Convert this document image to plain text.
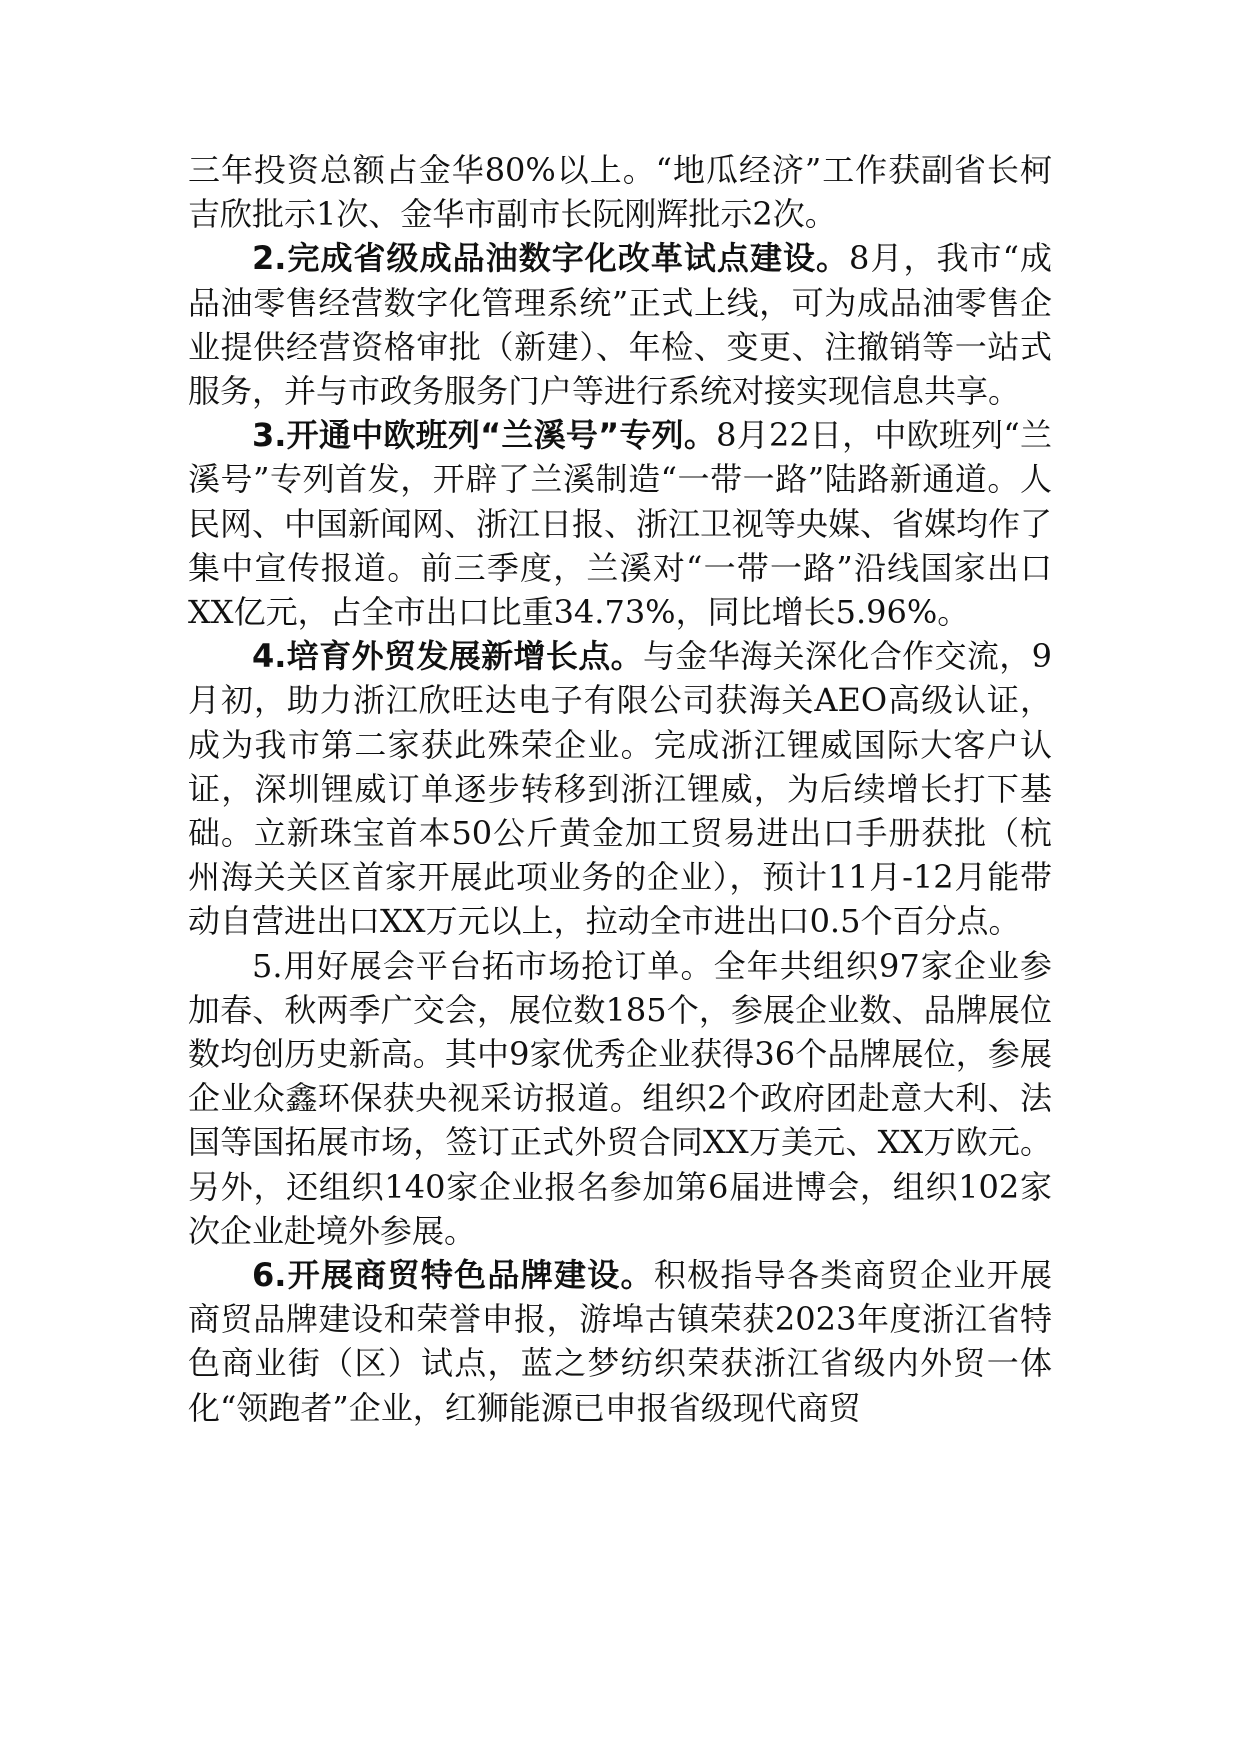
三年投资总额占金华80%以上。“地瓜经济”工作获副省长柯吉欣批示1次、金华市副市长阮刚辉批示2次。

2.完成省级成品油数字化改革试点建设。8月，我市“成品油零售经营数字化管理系统”正式上线，可为成品油零售企业提供经营资格审批（新建）、年检、变更、注撤销等一站式服务，并与市政务服务门户等进行系统对接实现信息共享。

3.开通中欧班列“兰溪号”专列。8月22日，中欧班列“兰溪号”专列首发，开辟了兰溪制造“一带一路”陆路新通道。人民网、中国新闻网、浙江日报、浙江卫视等央媒、省媒均作了集中宣传报道。前三季度，兰溪对“一带一路”沿线国家出口XX亿元，占全市出口比重34.73%，同比增长5.96%。

4.培育外贸发展新增长点。与金华海关深化合作交流，9月初，助力浙江欣旺达电子有限公司获海关AEO高级认证，成为我市第二家获此殊荣企业。完成浙江锂威国际大客户认证，深圳锂威订单逐步转移到浙江锂威，为后续增长打下基础。立新珠宝首本50公斤黄金加工贸易进出口手册获批（杭州海关关区首家开展此项业务的企业），预计11月-12月能带动自营进出口XX万元以上，拉动全市进出口0.5个百分点。

5.用好展会平台拓市场抢订单。全年共组织97家企业参加春、秋两季广交会，展位数185个，参展企业数、品牌展位数均创历史新高。其中9家优秀企业获得36个品牌展位，参展企业众鑫环保获央视采访报道。组织2个政府团赴意大利、法国等国拓展市场，签订正式外贸合同XX万美元、XX万欧元。另外，还组织140家企业报名参加第6届进博会，组织102家次企业赴境外参展。

6.开展商贸特色品牌建设。积极指导各类商贸企业开展商贸品牌建设和荣誉申报，游埠古镇荣获2023年度浙江省特色商业街（区）试点，蓝之梦纺织荣获浙江省级内外贸一体化“领跑者”企业，红狮能源已申报省级现代商贸
